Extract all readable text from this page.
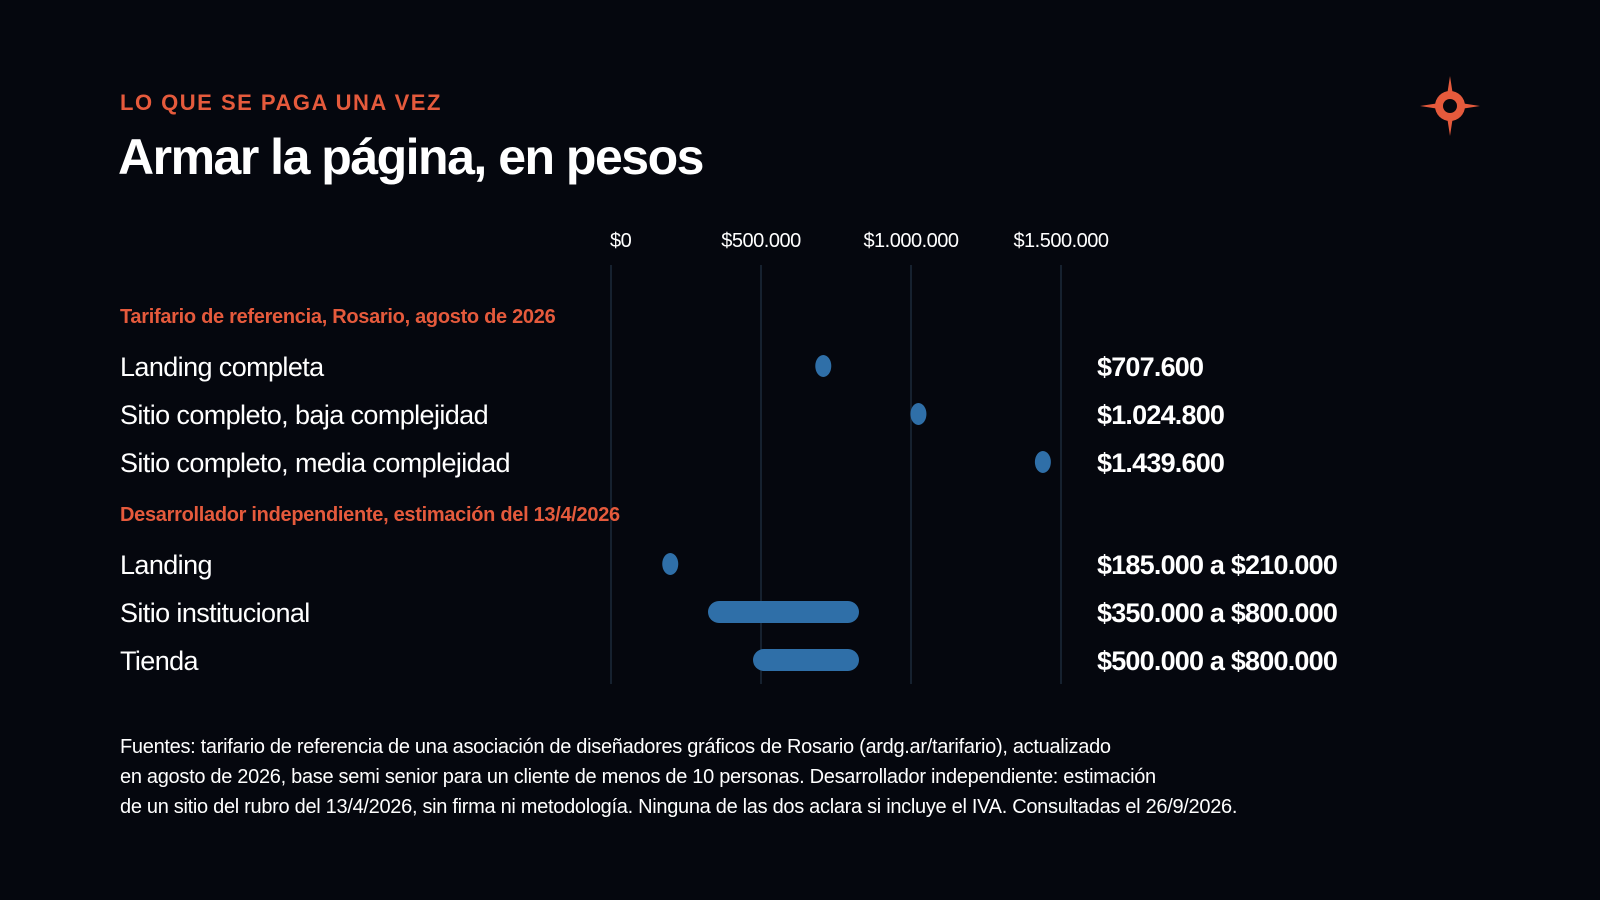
LO QUE SE PAGA UNA VEZ
Armar la página, en pesos
$0	$500.000	$1.000.000	$1.500.000
Tarifario de referencia, Rosario, agosto de 2026
Landing completa	$707.600
Sitio completo, baja complejidad	$1.024.800
Sitio completo, media complejidad	$1.439.600
Desarrollador independiente, estimación del 13/4/2026
Landing	$185.000 a $210.000
Sitio institucional	$350.000 a $800.000
Tienda	$500.000 a $800.000
Fuentes: tarifario de referencia de una asociación de diseñadores gráficos de Rosario (ardg.ar/tarifario), actualizado
en agosto de 2026, base semi senior para un cliente de menos de 10 personas. Desarrollador independiente: estimación
de un sitio del rubro del 13/4/2026, sin firma ni metodología. Ninguna de las dos aclara si incluye el IVA. Consultadas el 26/9/2026.
